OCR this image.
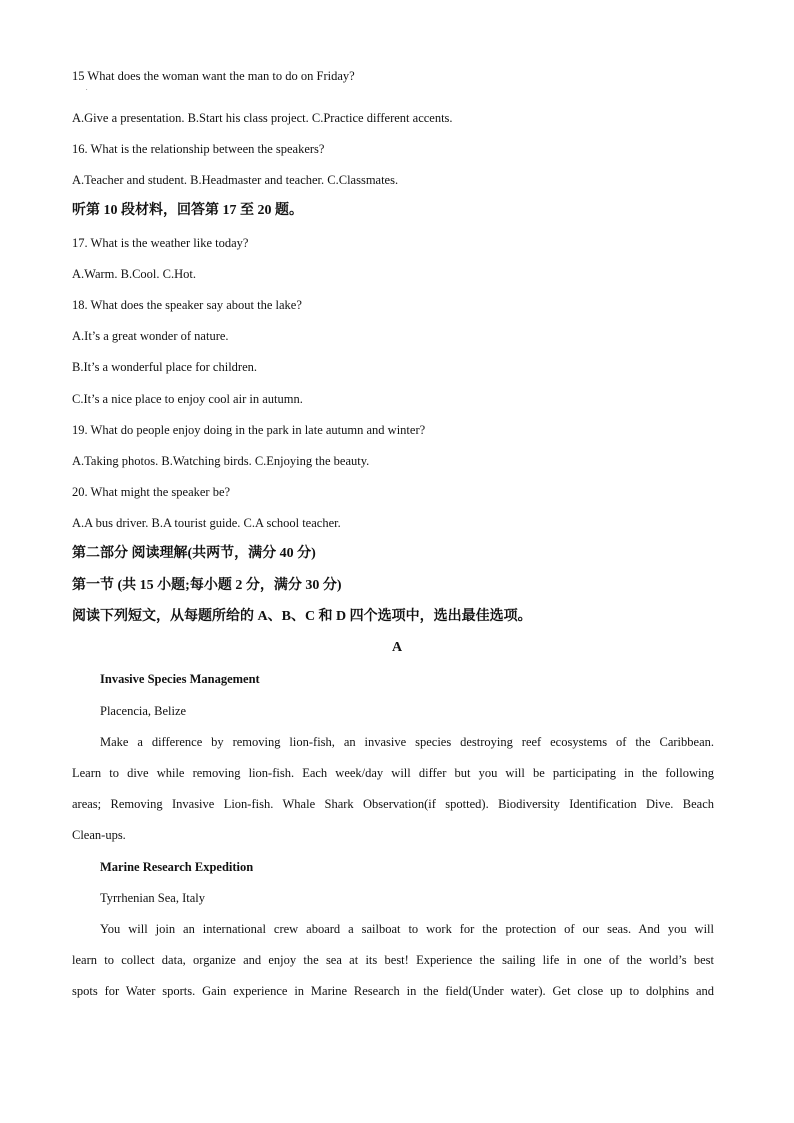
15 What does the woman want the man to do on Friday?

.

A.Give a presentation. B.Start his class project. C.Practice different accents.

16. What is the relationship between the speakers?

A.Teacher and student. B.Headmaster and teacher. C.Classmates.

听第 10 段材料，回答第 17 至 20 题。

17. What is the weather like today?

A.Warm. B.Cool. C.Hot.

18. What does the speaker say about the lake?

A.It’s a great wonder of nature.

B.It’s a wonderful place for children.

C.It’s a nice place to enjoy cool air in autumn.

19. What do people enjoy doing in the park in late autumn and winter?

A.Taking photos. B.Watching birds. C.Enjoying the beauty.

20. What might the speaker be?

A.A bus driver. B.A tourist guide. C.A school teacher.

第二部分 阅读理解(共两节，满分 40 分)

第一节 (共 15 小题;每小题 2 分，满分 30 分)

阅读下列短文，从每题所给的 A、B、C 和 D 四个选项中，选出最佳选项。

A

Invasive Species Management

Placencia, Belize

Make a difference by removing lion-fish, an invasive species destroying reef ecosystems of the Caribbean.
Learn to dive while removing lion-fish. Each week/day will differ but you will be participating in the following
areas; Removing Invasive Lion-fish. Whale Shark Observation(if spotted). Biodiversity Identification Dive. Beach
Clean-ups.

Marine Research Expedition

Tyrrhenian Sea, Italy

You will join an international crew aboard a sailboat to work for the protection of our seas. And you will
learn to collect data, organize and enjoy the sea at its best! Experience the sailing life in one of the world’s best
spots for Water sports. Gain experience in Marine Research in the field(Under water). Get close up to dolphins and
